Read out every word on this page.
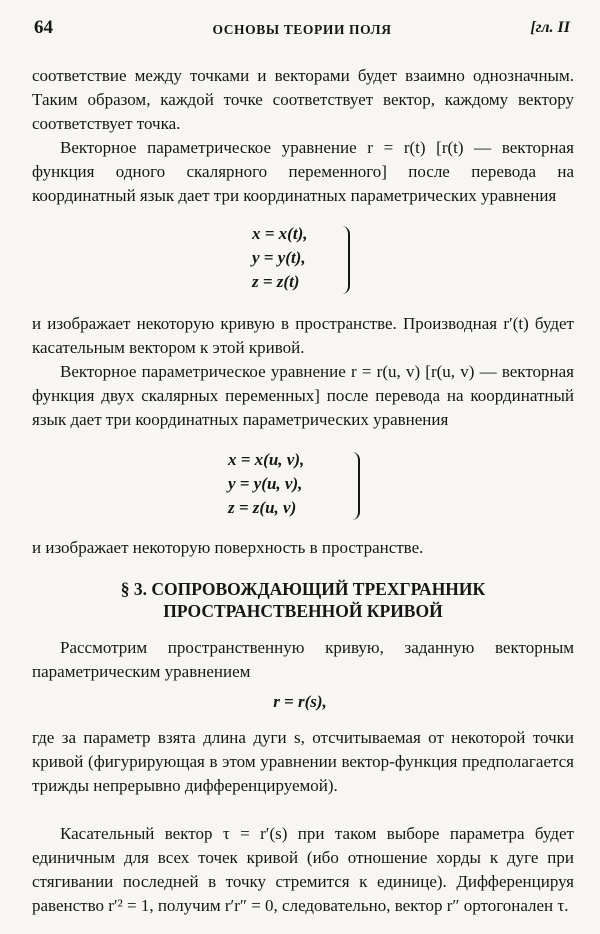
64	ОСНОВЫ ТЕОРИИ ПОЛЯ	[гл. II

соответствие между точками и векторами будет взаимно однозначным. Таким образом, каждой точке соответствует вектор, каждому вектору соответствует точка.

Векторное параметрическое уравнение r = r(t) [r(t) — векторная функция одного скалярного переменного] после перевода на координатный язык дает три координатных параметрических уравнения

x = x(t),
y = y(t),
z = z(t)

и изображает некоторую кривую в пространстве. Производная r′(t) будет касательным вектором к этой кривой.

Векторное параметрическое уравнение r = r(u, v) [r(u, v) — векторная функция двух скалярных переменных] после перевода на координатный язык дает три координатных параметрических уравнения

x = x(u, v),
y = y(u, v),
z = z(u, v)

и изображает некоторую поверхность в пространстве.

§ 3. СОПРОВОЖДАЮЩИЙ ТРЕХГРАННИК
ПРОСТРАНСТВЕННОЙ КРИВОЙ

Рассмотрим пространственную кривую, заданную векторным параметрическим уравнением

r = r(s),

где за параметр взята длина дуги s, отсчитываемая от некоторой точки кривой (фигурирующая в этом уравнении вектор-функция предполагается трижды непрерывно дифференцируемой).

Касательный вектор τ = r′(s) при таком выборе параметра будет единичным для всех точек кривой (ибо отношение хорды к дуге при стягивании последней в точку стремится к единице). Дифференцируя равенство r′² = 1, получим r′r″ = 0, следовательно, вектор r″ ортогонален τ.
